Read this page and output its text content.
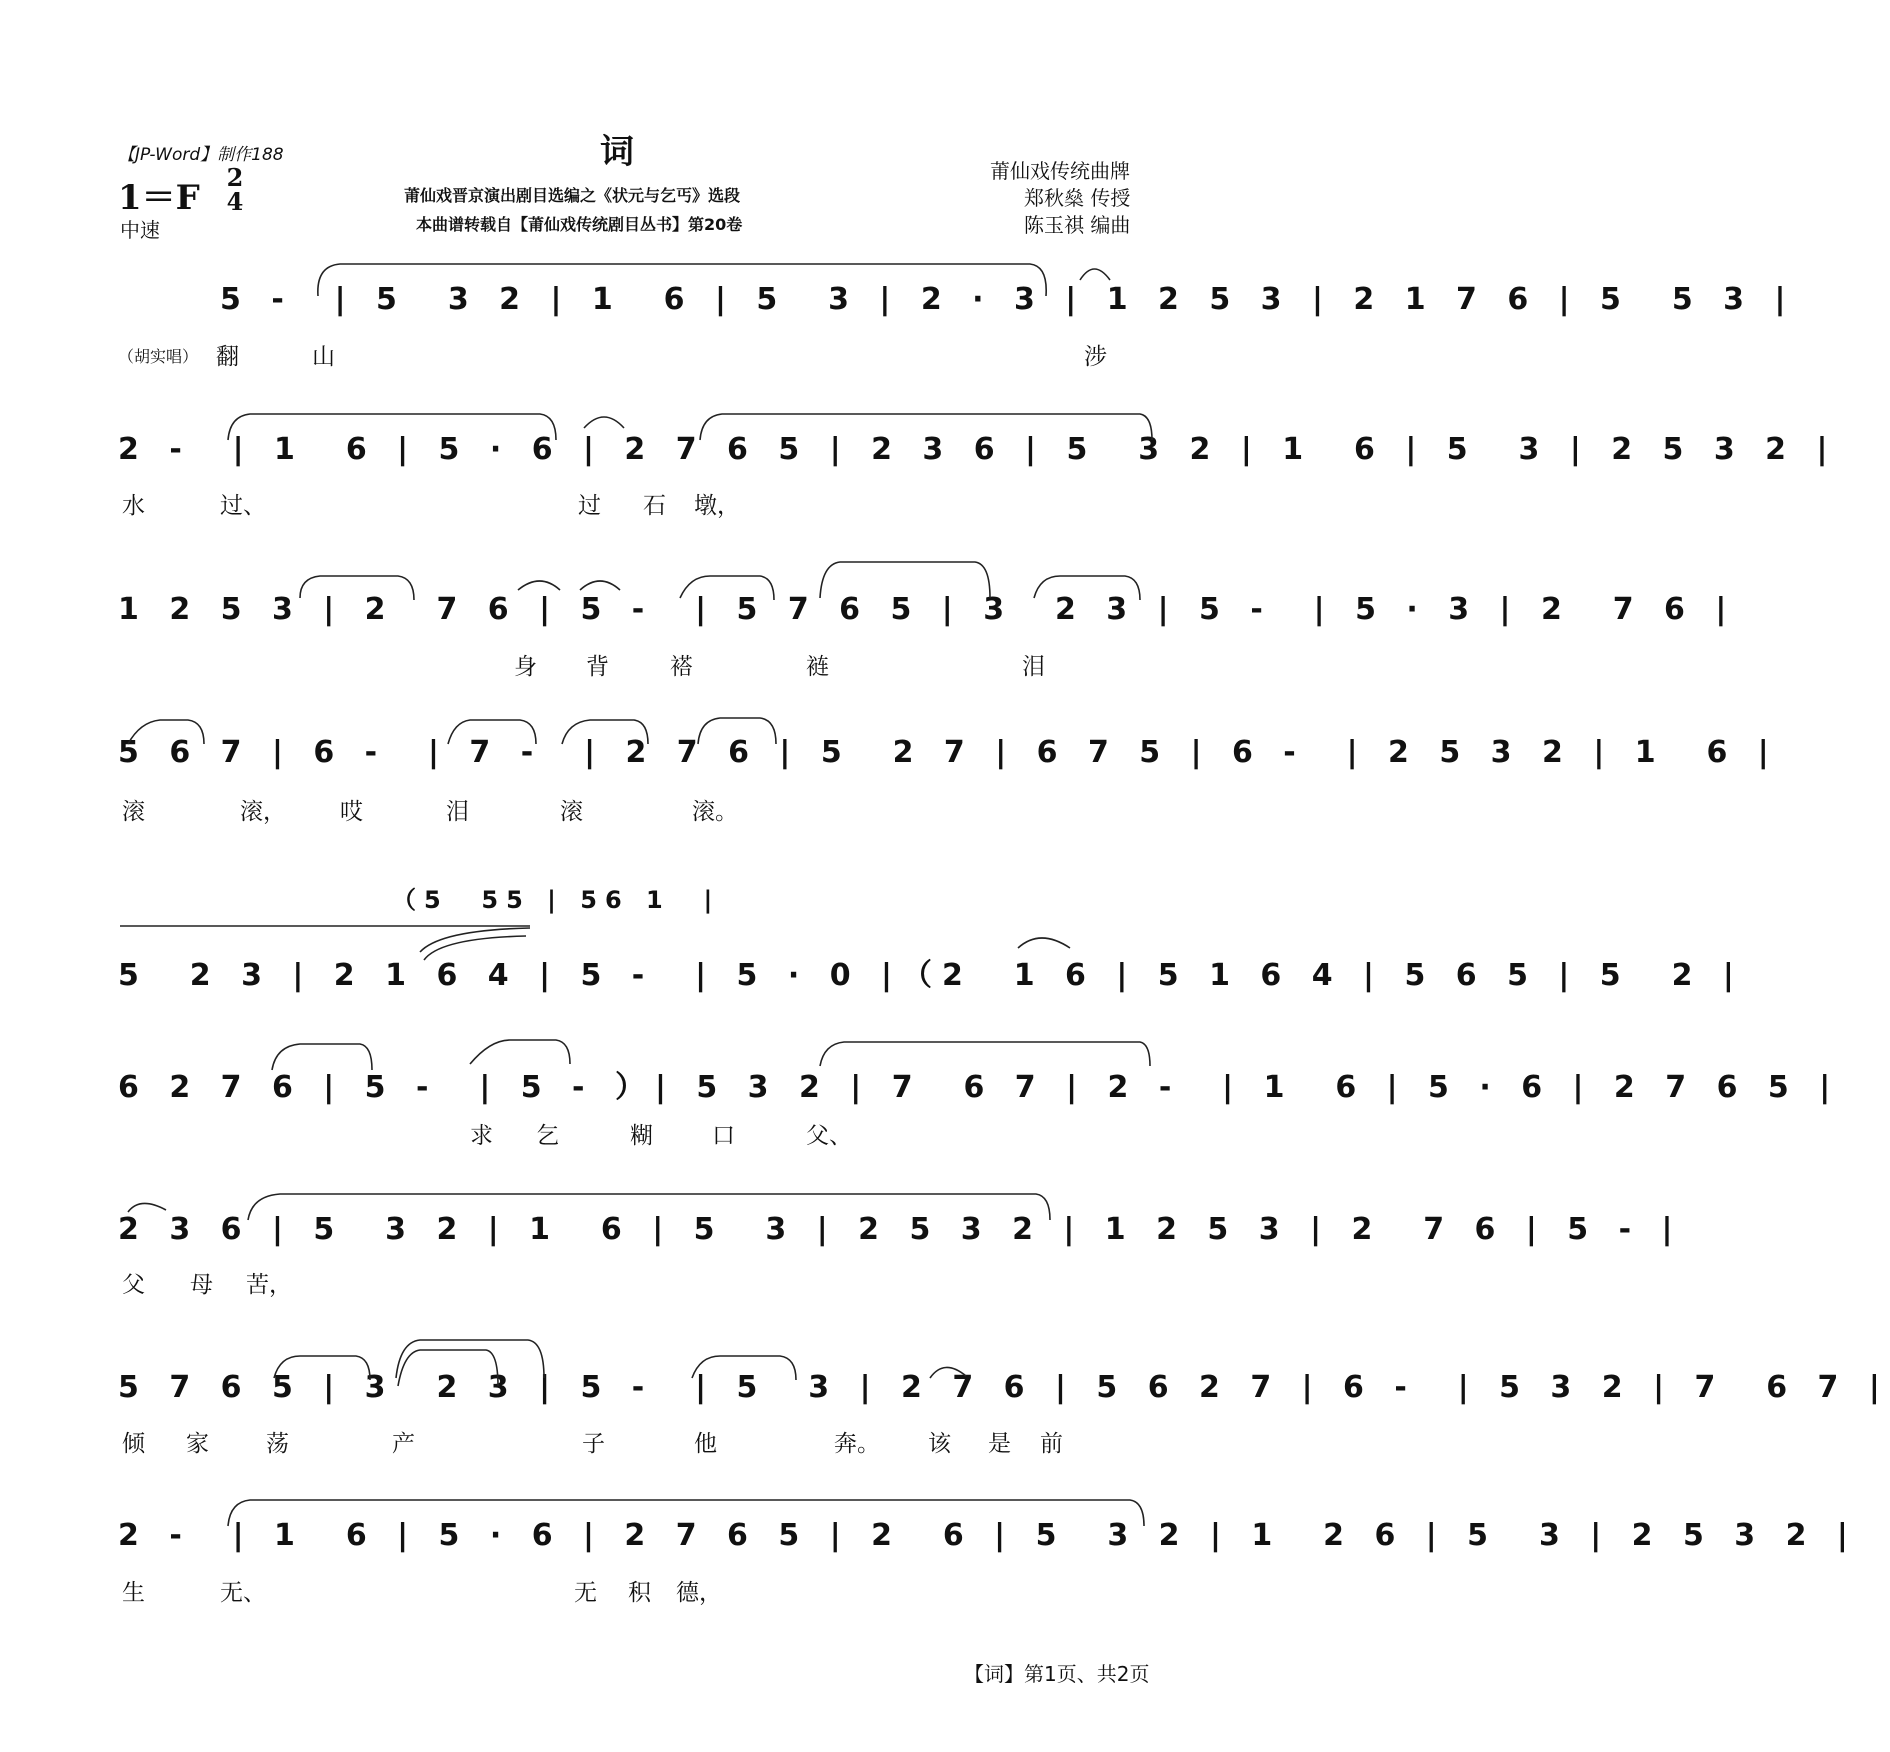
【JP-Word】制作188	词
1＝F
2
4
中速
莆仙戏晋京演出剧目选编之《状元与乞丐》选段
本曲谱转载自【莆仙戏传统剧目丛书】第20卷
莆仙戏传统曲牌
郑秋燊 传授
陈玉祺 编曲
5 -  | 5  3 2 | 1  6 | 5  3 | 2 · 3 | 1 2 5 3 | 2 1 7 6 | 5  5 3 |
（胡实唱） 翻	山	涉
2 -  | 1  6 | 5 · 6 | 2 7 6 5 | 2 3 6 | 5  3 2 | 1  6 | 5  3 | 2 5 3 2 |
水	过、	过 石 墩，
1 2 5 3 | 2  7 6 | 5 -  | 5 7 6 5 | 3  2 3 | 5 -  | 5 · 3 | 2  7 6 |
身 背	褡	裢	泪
5 6 7 | 6 -  | 7 -  | 2 7 6 | 5  2 7 | 6 7 5 | 6 -  | 2 5 3 2 | 1  6 |
滚	滚， 哎	泪	滚	滚。
（5  55 | 56 1  |
5  2 3 | 2 1 6 4 | 5 -  | 5 · 0 |（2  1 6 | 5 1 6 4 | 5 6 5 | 5  2 |
6 2 7 6 | 5 -  | 5 - ）| 5 3 2 | 7  6 7 | 2 -  | 1  6 | 5 · 6 | 2 7 6 5 |
求 乞	糊	口	父、
2 3 6 | 5  3 2 | 1  6 | 5  3 | 2 5 3 2 | 1 2 5 3 | 2  7 6 | 5 - |
父 母 苦，
5 7 6 5 | 3  2 3 | 5 -  | 5  3 | 2 7 6 | 5 6 2 7 | 6 -  | 5 3 2 | 7  6 7 |
倾 家 荡	产	子	他	奔。 该 是 前
2 -  | 1  6 | 5 · 6 | 2 7 6 5 | 2  6 | 5  3 2 | 1  2 6 | 5  3 | 2 5 3 2 |
生	无、	无 积 德，
【词】第1页、共2页
